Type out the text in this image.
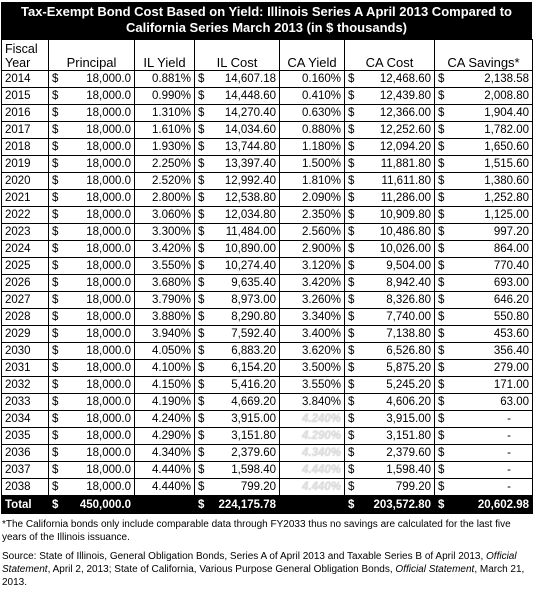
Tax-Exempt Bond Cost Based on Yield: Illinois Series A April 2013 Compared to California Series March 2013 (in $ thousands)
Fiscal
Year	Principal	IL Yield	IL Cost	CA Yield	CA Cost	CA Savings*
2014	$ 18,000.0	0.881%	$ 14,607.18	0.160%	$ 12,468.60	$ 2,138.58

2015	$ 18,000.0	0.990%	$ 14,448.60	0.410%	$ 12,439.80	$ 2,008.80

2016	$ 18,000.0	1.310%	$ 14,270.40	0.630%	$ 12,366.00	$ 1,904.40

2017	$ 18,000.0	1.610%	$ 14,034.60	0.880%	$ 12,252.60	$ 1,782.00

2018	$ 18,000.0	1.930%	$ 13,744.80	1.180%	$ 12,094.20	$ 1,650.60

2019	$ 18,000.0	2.250%	$ 13,397.40	1.500%	$ 11,881.80	$ 1,515.60

2020	$ 18,000.0	2.520%	$ 12,992.40	1.810%	$ 11,611.80	$ 1,380.60

2021	$ 18,000.0	2.800%	$ 12,538.80	2.090%	$ 11,286.00	$ 1,252.80

2022	$ 18,000.0	3.060%	$ 12,034.80	2.350%	$ 10,909.80	$ 1,125.00

2023	$ 18,000.0	3.300%	$ 11,484.00	2.560%	$ 10,486.80	$ 997.20

2024	$ 18,000.0	3.420%	$ 10,890.00	2.900%	$ 10,026.00	$ 864.00

2025	$ 18,000.0	3.550%	$ 10,274.40	3.120%	$ 9,504.00	$ 770.40

2026	$ 18,000.0	3.680%	$ 9,635.40	3.420%	$ 8,942.40	$ 693.00

2027	$ 18,000.0	3.790%	$ 8,973.00	3.260%	$ 8,326.80	$ 646.20

2028	$ 18,000.0	3.880%	$ 8,290.80	3.340%	$ 7,740.00	$ 550.80

2029	$ 18,000.0	3.940%	$ 7,592.40	3.400%	$ 7,138.80	$ 453.60

2030	$ 18,000.0	4.050%	$ 6,883.20	3.620%	$ 6,526.80	$ 356.40

2031	$ 18,000.0	4.100%	$ 6,154.20	3.500%	$ 5,875.20	$ 279.00

2032	$ 18,000.0	4.150%	$ 5,416.20	3.550%	$ 5,245.20	$ 171.00

2033	$ 18,000.0	4.190%	$ 4,669.20	3.840%	$ 4,606.20	$ 63.00

2034	$ 18,000.0	4.240%	$ 3,915.00	4.240%	$ 3,915.00	$ -

2035	$ 18,000.0	4.290%	$ 3,151.80	4.290%	$ 3,151.80	$ -

2036	$ 18,000.0	4.340%	$ 2,379.60	4.340%	$ 2,379.60	$ -

2037	$ 18,000.0	4.440%	$ 1,598.40	4.440%	$ 1,598.40	$ -

2038	$ 18,000.0	4.440%	$ 799.20	4.440%	$ 799.20	$ -

Total	$ 450,000.0		$ 224,175.78		$ 203,572.80	$ 20,602.98
*The California bonds only include comparable data through FY2033 thus no savings are calculated for the last five years of the Illinois issuance.
Source: State of Illinois, General Obligation Bonds, Series A of April 2013 and Taxable Series B of April 2013, Official Statement, April 2, 2013; State of California, Various Purpose General Obligation Bonds, Official Statement, March 21, 2013.
